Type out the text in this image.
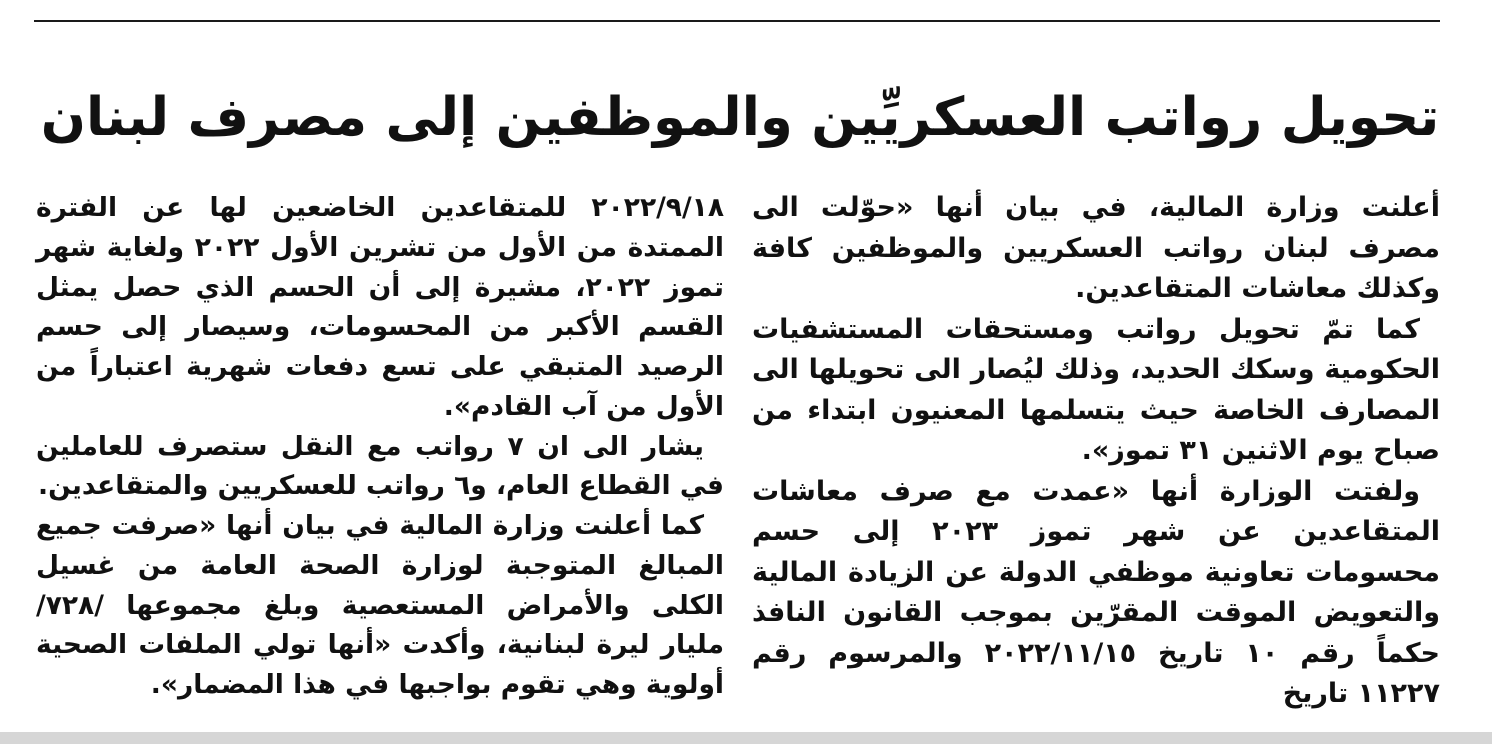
تحويل رواتب العسكريِّين والموظفين إلى مصرف لبنان

أعلنت وزارة المالية، في بيان أنها «حوّلت الى مصرف لبنان رواتب العسكريين والموظفين كافة وكذلك معاشات المتقاعدين.

كما تمّ تحويل رواتب ومستحقات المستشفيات الحكومية وسكك الحديد، وذلك ليُصار الى تحويلها الى المصارف الخاصة حيث يتسلمها المعنيون ابتداء من صباح يوم الاثنين ٣١ تموز».

ولفتت الوزارة أنها «عمدت مع صرف معاشات المتقاعدين عن شهر تموز ٢٠٢٣ إلى حسم محسومات تعاونية موظفي الدولة عن الزيادة المالية والتعويض الموقت المقرّين بموجب القانون النافذ حكماً رقم ١٠ تاريخ ٢٠٢٢/١١/١٥ والمرسوم رقم ١١٢٢٧ تاريخ

٢٠٢٢/٩/١٨ للمتقاعدين الخاضعين لها عن الفترة الممتدة من الأول من تشرين الأول ٢٠٢٢ ولغاية شهر تموز ٢٠٢٢، مشيرة إلى أن الحسم الذي حصل يمثل القسم الأكبر من المحسومات، وسيصار إلى حسم الرصيد المتبقي على تسع دفعات شهرية اعتباراً من الأول من آب القادم».

يشار الى ان ٧ رواتب مع النقل ستصرف للعاملين في القطاع العام، و٦ رواتب للعسكريين والمتقاعدين.

كما أعلنت وزارة المالية في بيان أنها «صرفت جميع المبالغ المتوجبة لوزارة الصحة العامة من غسيل الكلى والأمراض المستعصية وبلغ مجموعها /٧٢٨/ مليار ليرة لبنانية، وأكدت «أنها تولي الملفات الصحية أولوية وهي تقوم بواجبها في هذا المضمار».
